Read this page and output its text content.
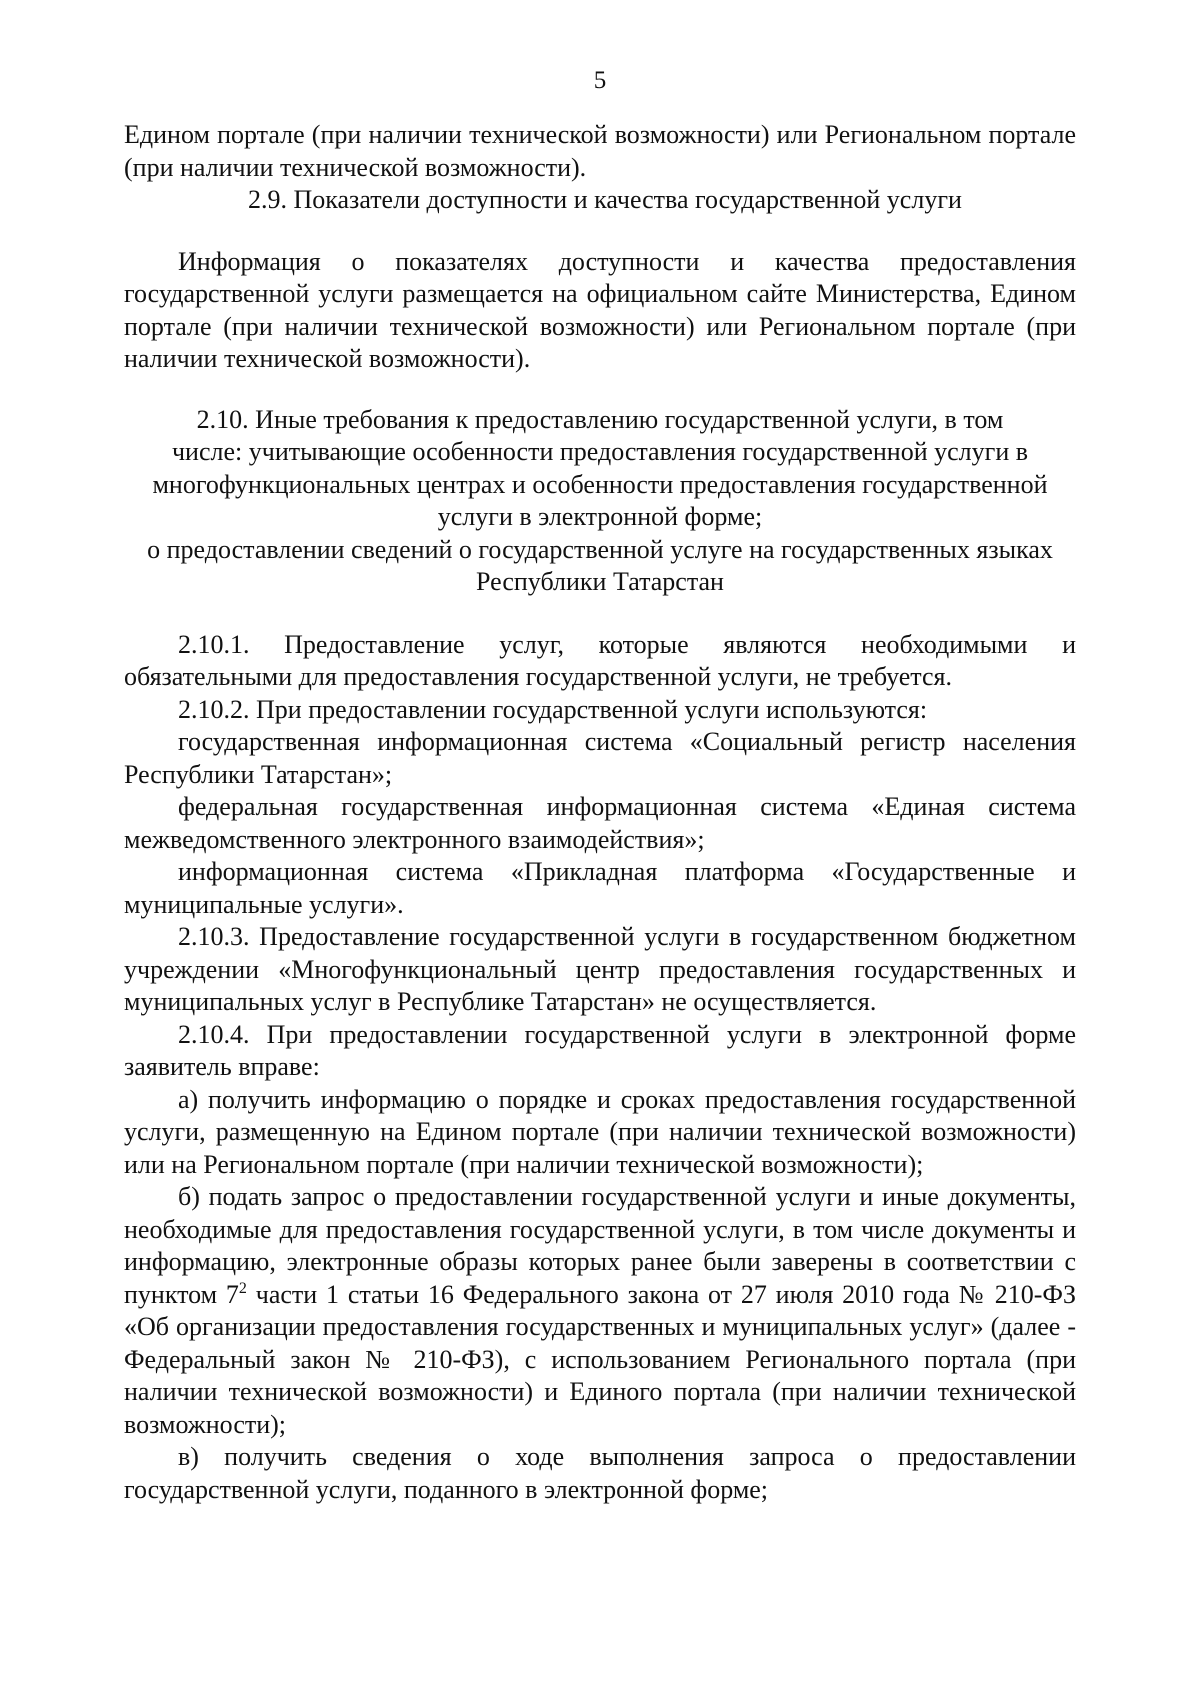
5

Едином портале (при наличии технической возможности) или Региональном портале (при наличии технической возможности).

2.9. Показатели доступности и качества государственной услуги

Информация о показателях доступности и качества предоставления государственной услуги размещается на официальном сайте Министерства, Едином портале (при наличии технической возможности) или Региональном портале (при наличии технической возможности).

2.10. Иные требования к предоставлению государственной услуги, в том

числе: учитывающие особенности предоставления государственной услуги в

многофункциональных центрах и особенности предоставления государственной

услуги в электронной форме;

о предоставлении сведений о государственной услуге на государственных языках

Республики Татарстан

2.10.1. Предоставление услуг, которые являются необходимыми и обязательными для предоставления государственной услуги, не требуется.

2.10.2. При предоставлении государственной услуги используются:

государственная информационная система «Социальный регистр населения Республики Татарстан»;

федеральная государственная информационная система «Единая система межведомственного электронного взаимодействия»;

информационная система «Прикладная платформа «Государственные и муниципальные услуги».

2.10.3. Предоставление государственной услуги в государственном бюджетном учреждении «Многофункциональный центр предоставления государственных и муниципальных услуг в Республике Татарстан» не осуществляется.

2.10.4. При предоставлении государственной услуги в электронной форме заявитель вправе:

а) получить информацию о порядке и сроках предоставления государственной услуги, размещенную на Едином портале (при наличии технической возможности) или на Региональном портале (при наличии технической возможности);

б) подать запрос о предоставлении государственной услуги и иные документы, необходимые для предоставления государственной услуги, в том числе документы и информацию, электронные образы которых ранее были заверены в соответствии с пунктом $7^2$ части 1 статьи 16 Федерального закона от 27 июля 2010 года № 210-ФЗ «Об организации предоставления государственных и муниципальных услуг» (далее - Федеральный закон № 210-ФЗ), с использованием Регионального портала (при наличии технической возможности) и Единого портала (при наличии технической возможности);

в) получить сведения о ходе выполнения запроса о предоставлении государственной услуги, поданного в электронной форме;
